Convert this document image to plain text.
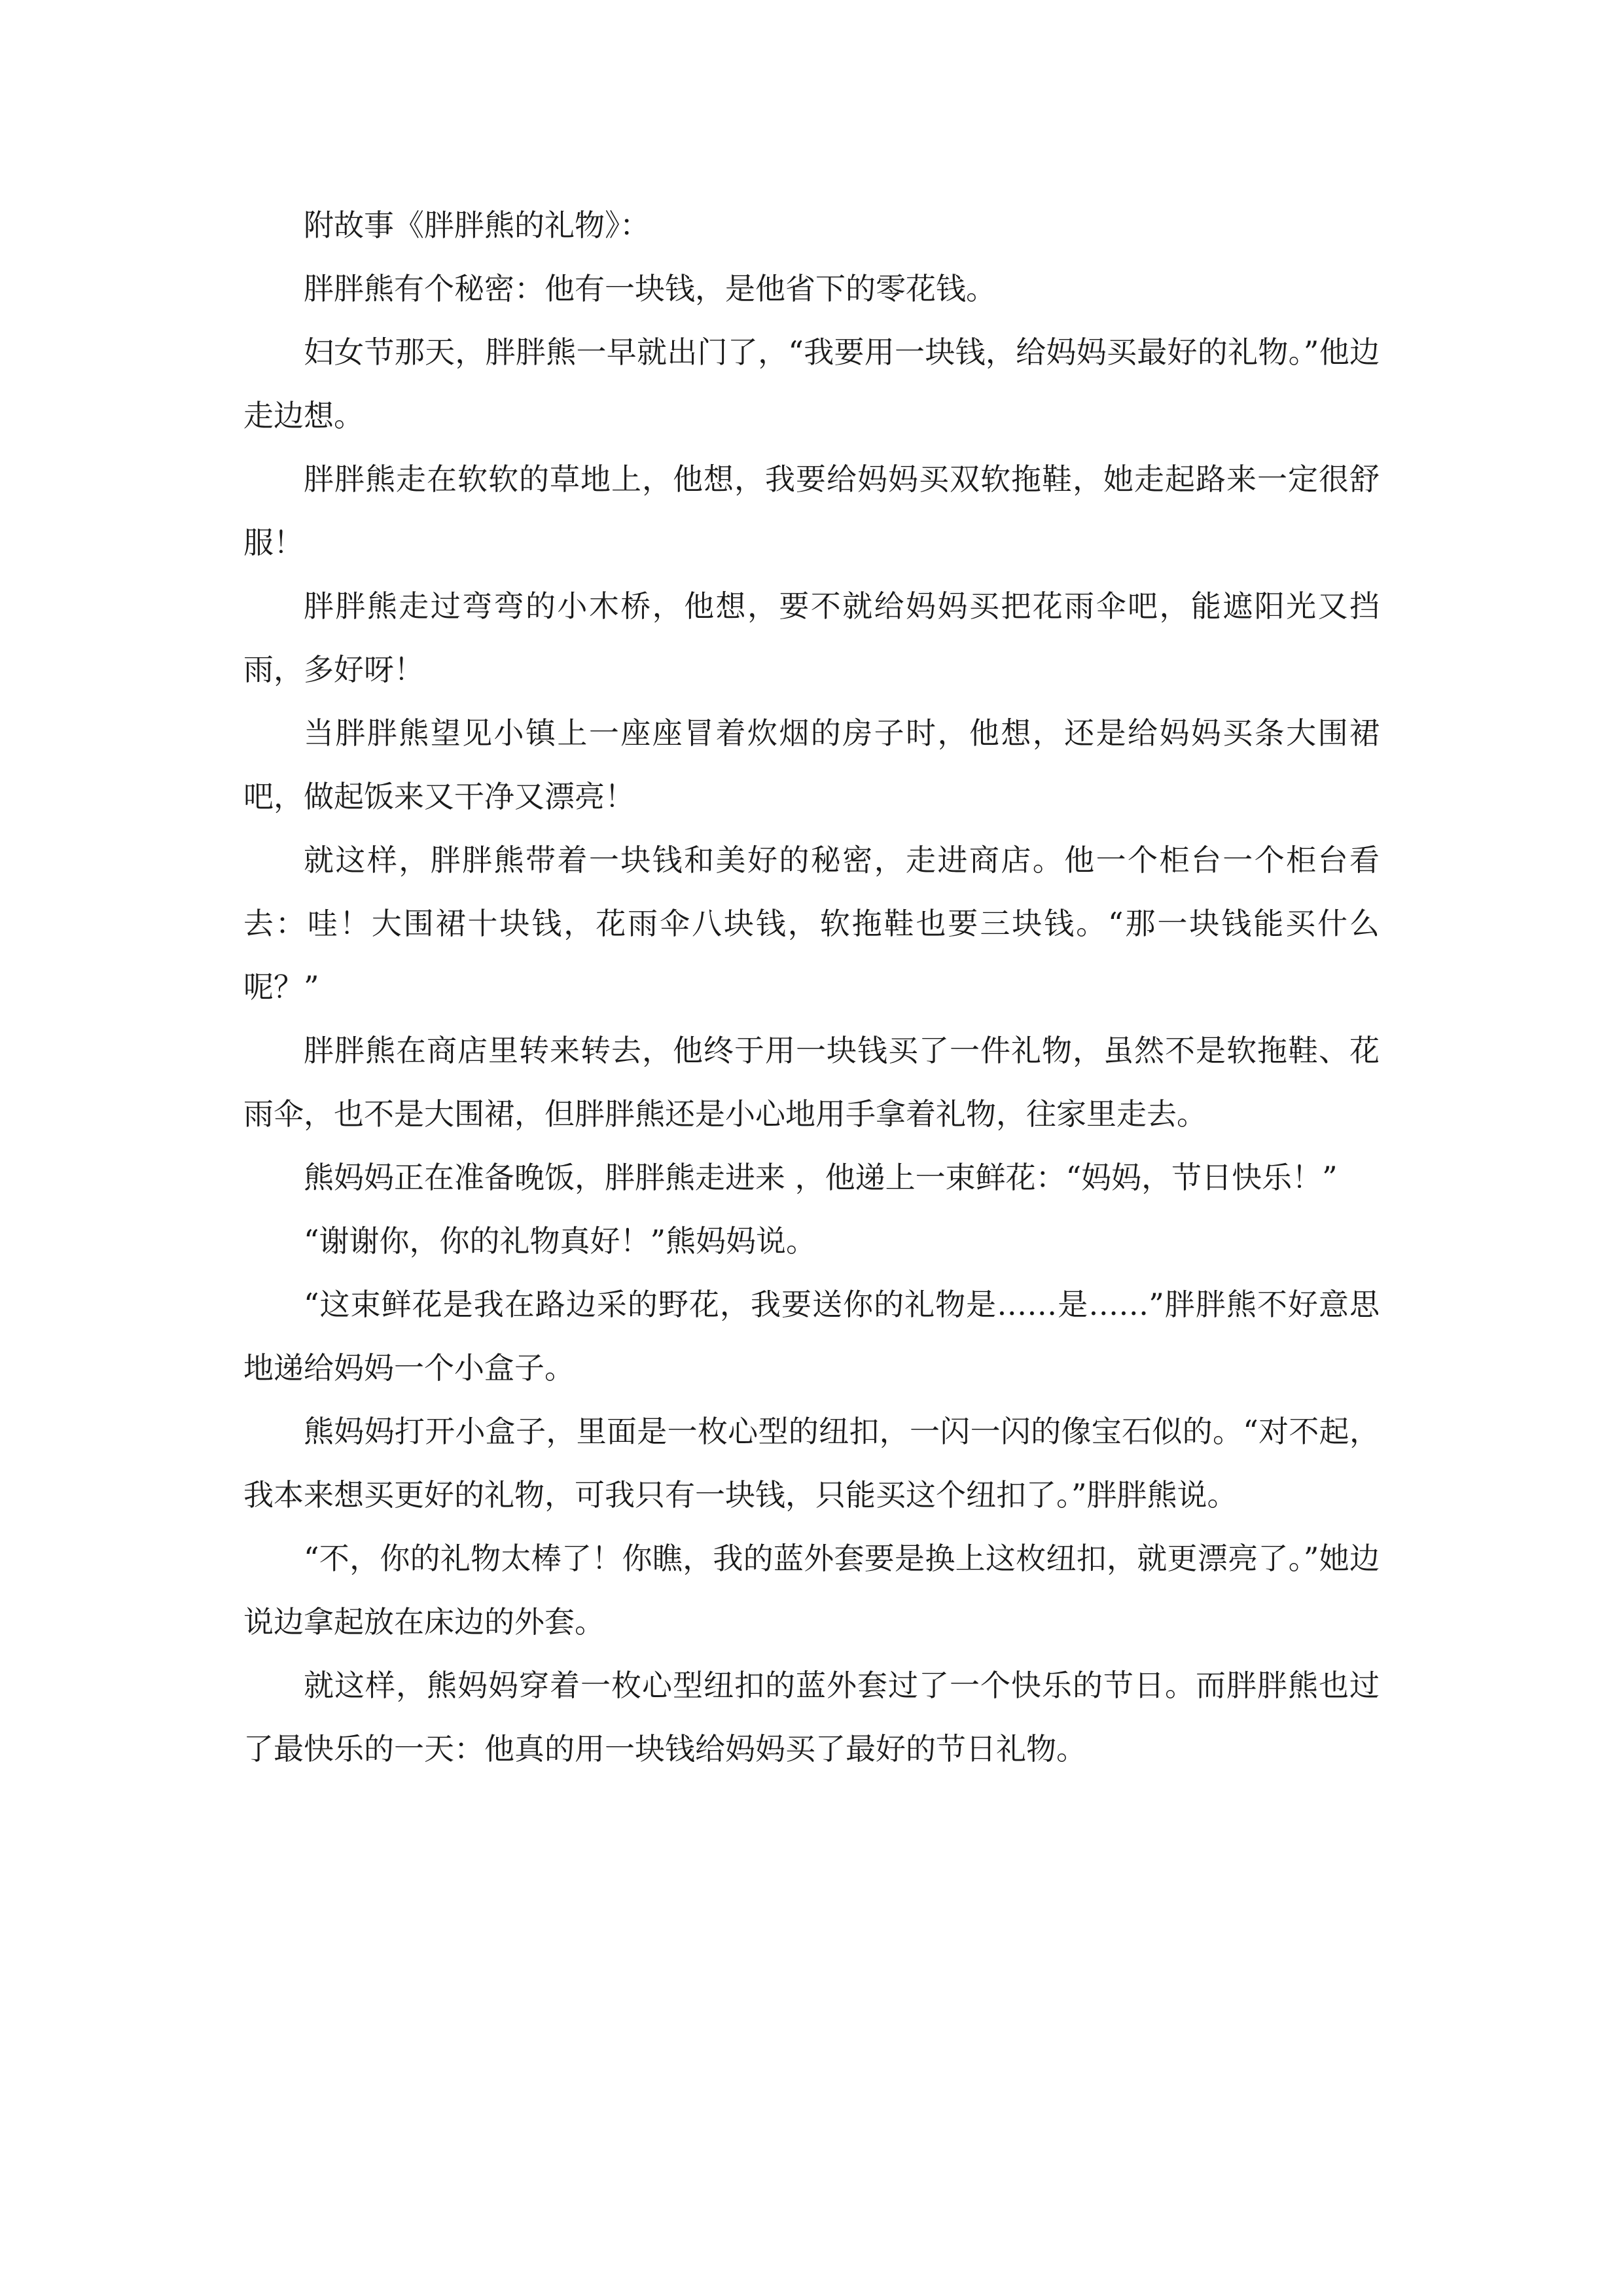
附故事《胖胖熊的礼物》：

胖胖熊有个秘密：他有一块钱，是他省下的零花钱。

妇女节那天，胖胖熊一早就出门了，“我要用一块钱，给妈妈买最好的礼物。”他边走边想。

胖胖熊走在软软的草地上，他想，我要给妈妈买双软拖鞋，她走起路来一定很舒服！

胖胖熊走过弯弯的小木桥，他想，要不就给妈妈买把花雨伞吧，能遮阳光又挡雨，多好呀！

当胖胖熊望见小镇上一座座冒着炊烟的房子时，他想，还是给妈妈买条大围裙吧，做起饭来又干净又漂亮！

就这样，胖胖熊带着一块钱和美好的秘密，走进商店。他一个柜台一个柜台看去：哇！大围裙十块钱，花雨伞八块钱，软拖鞋也要三块钱。“那一块钱能买什么呢？”

胖胖熊在商店里转来转去，他终于用一块钱买了一件礼物，虽然不是软拖鞋、花雨伞，也不是大围裙，但胖胖熊还是小心地用手拿着礼物，往家里走去。

熊妈妈正在准备晚饭，胖胖熊走进来 ，他递上一束鲜花：“妈妈，节日快乐！”

“谢谢你，你的礼物真好！”熊妈妈说。

“这束鲜花是我在路边采的野花，我要送你的礼物是……是……”胖胖熊不好意思地递给妈妈一个小盒子。

熊妈妈打开小盒子，里面是一枚心型的纽扣，一闪一闪的像宝石似的。“对不起，我本来想买更好的礼物，可我只有一块钱，只能买这个纽扣了。”胖胖熊说。

“不，你的礼物太棒了！你瞧，我的蓝外套要是换上这枚纽扣，就更漂亮了。”她边说边拿起放在床边的外套。

就这样，熊妈妈穿着一枚心型纽扣的蓝外套过了一个快乐的节日。而胖胖熊也过了最快乐的一天：他真的用一块钱给妈妈买了最好的节日礼物。
